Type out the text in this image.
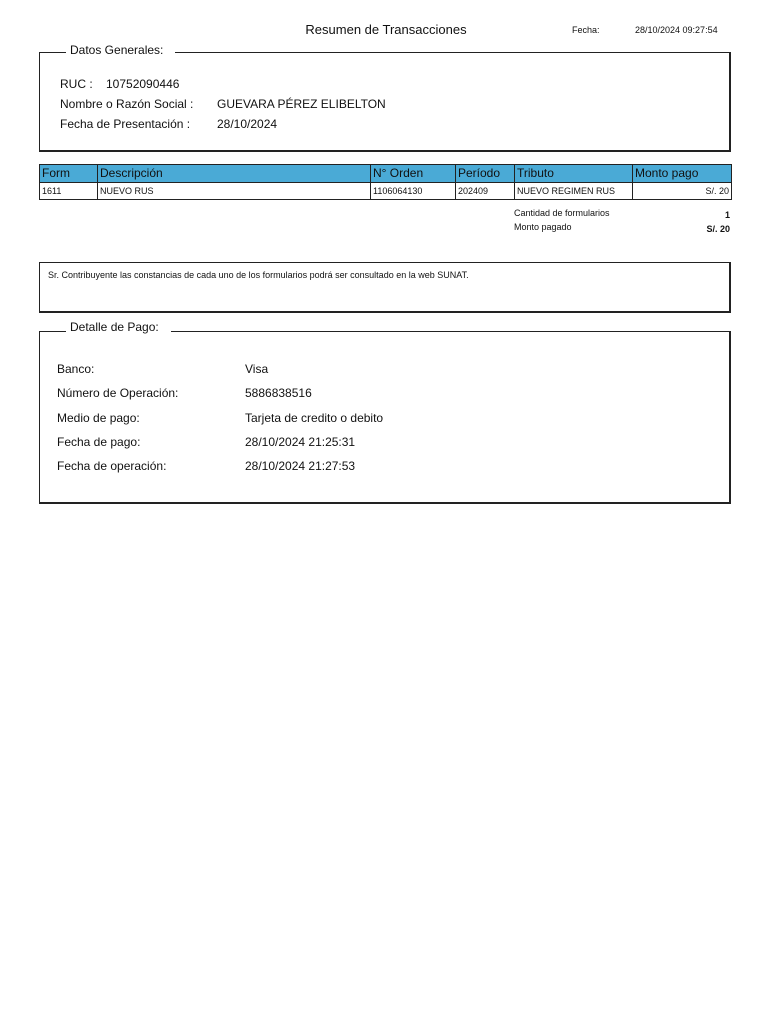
Resumen de Transacciones	Fecha:	28/10/2024 09:27:54
Datos Generales:
RUC : 10752090446
Nombre o Razón Social : GUEVARA PÉREZ ELIBELTON
Fecha de Presentación : 28/10/2024
Form	Descripción	N° Orden	Período	Tributo	Monto pago
1611	NUEVO RUS	1106064130	202409	NUEVO REGIMEN RUS	S/. 20
Cantidad de formularios	1
Monto pagado	S/. 20
Sr. Contribuyente las constancias de cada uno de los formularios podrá ser consultado en la web SUNAT.
Detalle de Pago:
Banco:	Visa
Número de Operación:	5886838516
Medio de pago:	Tarjeta de credito o debito
Fecha de pago:	28/10/2024 21:25:31
Fecha de operación:	28/10/2024 21:27:53
